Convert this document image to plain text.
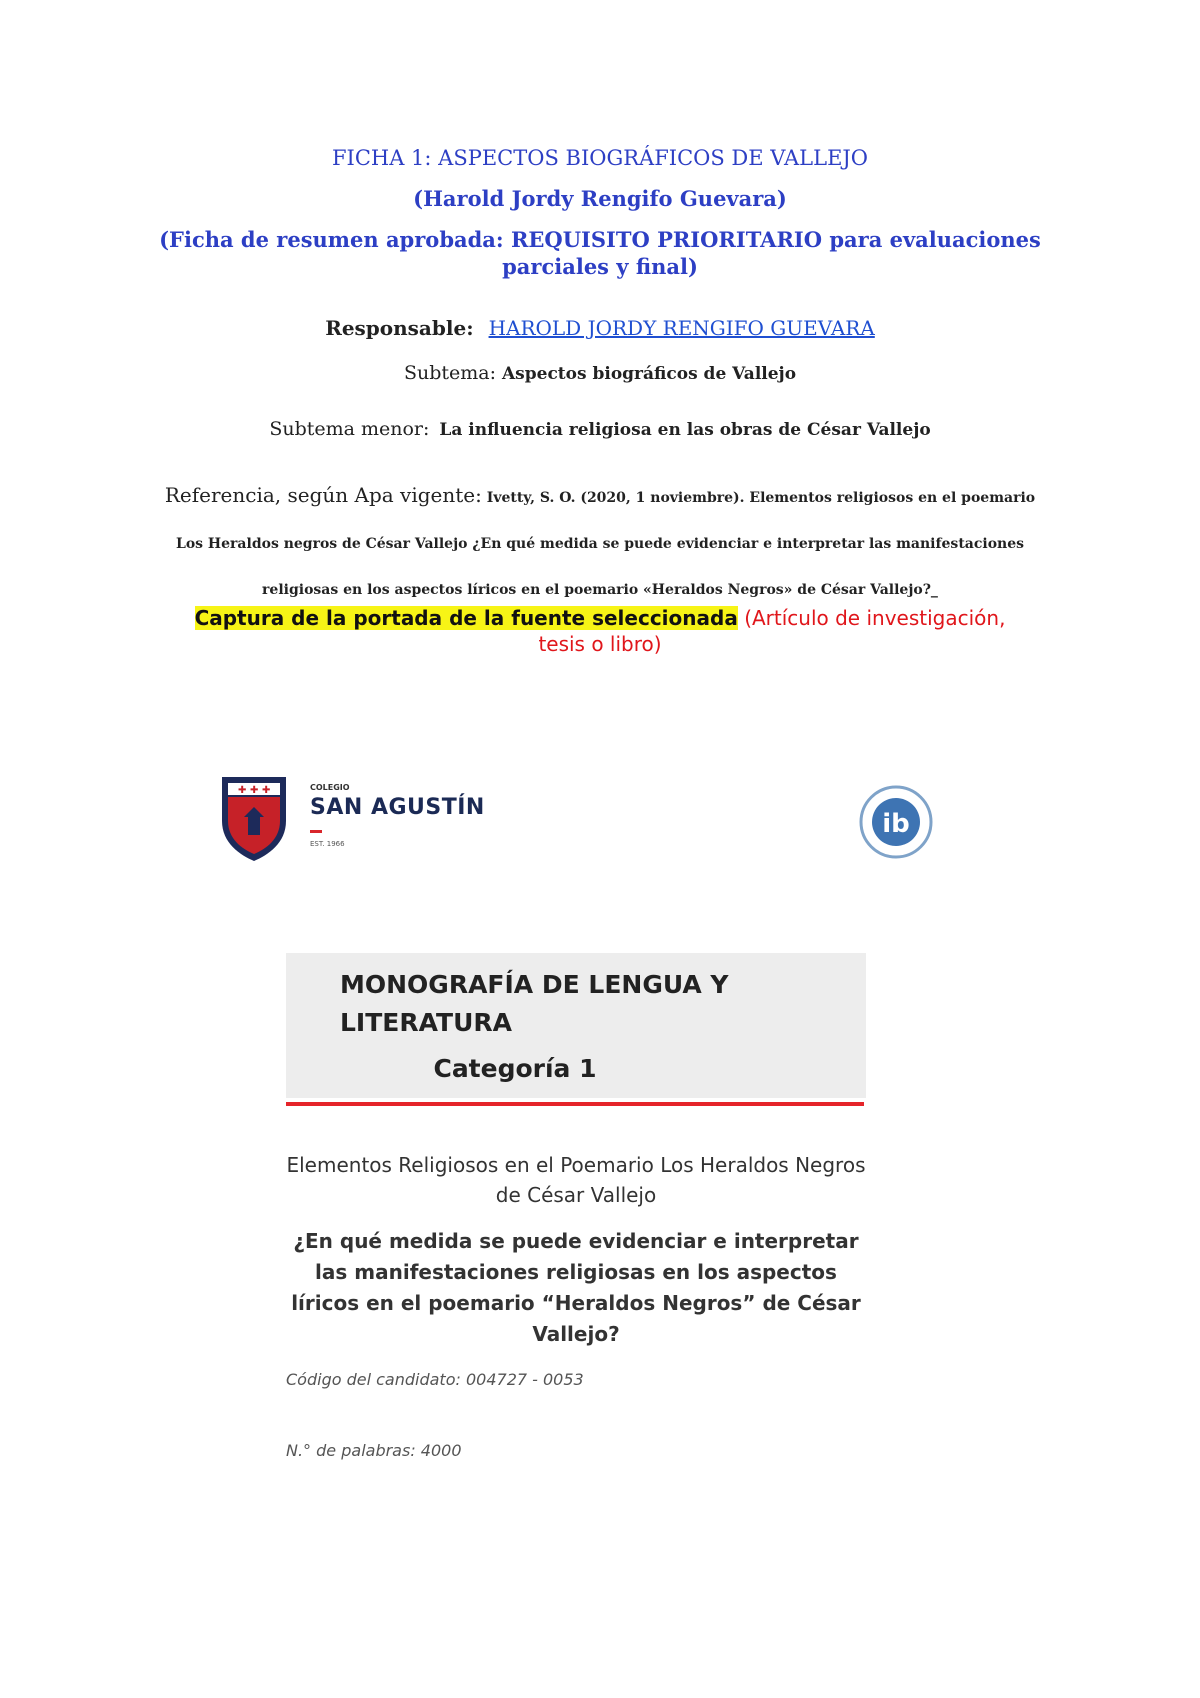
FICHA 1: ASPECTOS BIOGRÁFICOS DE VALLEJO
(Harold Jordy Rengifo Guevara)
(Ficha de resumen aprobada: REQUISITO PRIORITARIO para evaluaciones parciales y final)
Responsable: HAROLD JORDY RENGIFO GUEVARA
Subtema: Aspectos biográficos de Vallejo
Subtema menor: La influencia religiosa en las obras de César Vallejo
Referencia, según Apa vigente: Ivetty, S. O. (2020, 1 noviembre). Elementos religiosos en el poemario Los Heraldos negros de César Vallejo ¿En qué medida se puede evidenciar e interpretar las manifestaciones religiosas en los aspectos líricos en el poemario «Heraldos Negros» de César Vallejo?_
Captura de la portada de la fuente seleccionada (Artículo de investigación, tesis o libro)
✚ ✚ ✚	COLEGIO
SAN AGUSTÍN
EST. 1966
ib
MONOGRAFÍA DE LENGUA Y LITERATURA
Categoría 1
Elementos Religiosos en el Poemario Los Heraldos Negros de César Vallejo
¿En qué medida se puede evidenciar e interpretar las manifestaciones religiosas en los aspectos líricos en el poemario “Heraldos Negros” de César Vallejo?
Código del candidato: 004727 - 0053
N.° de palabras: 4000
